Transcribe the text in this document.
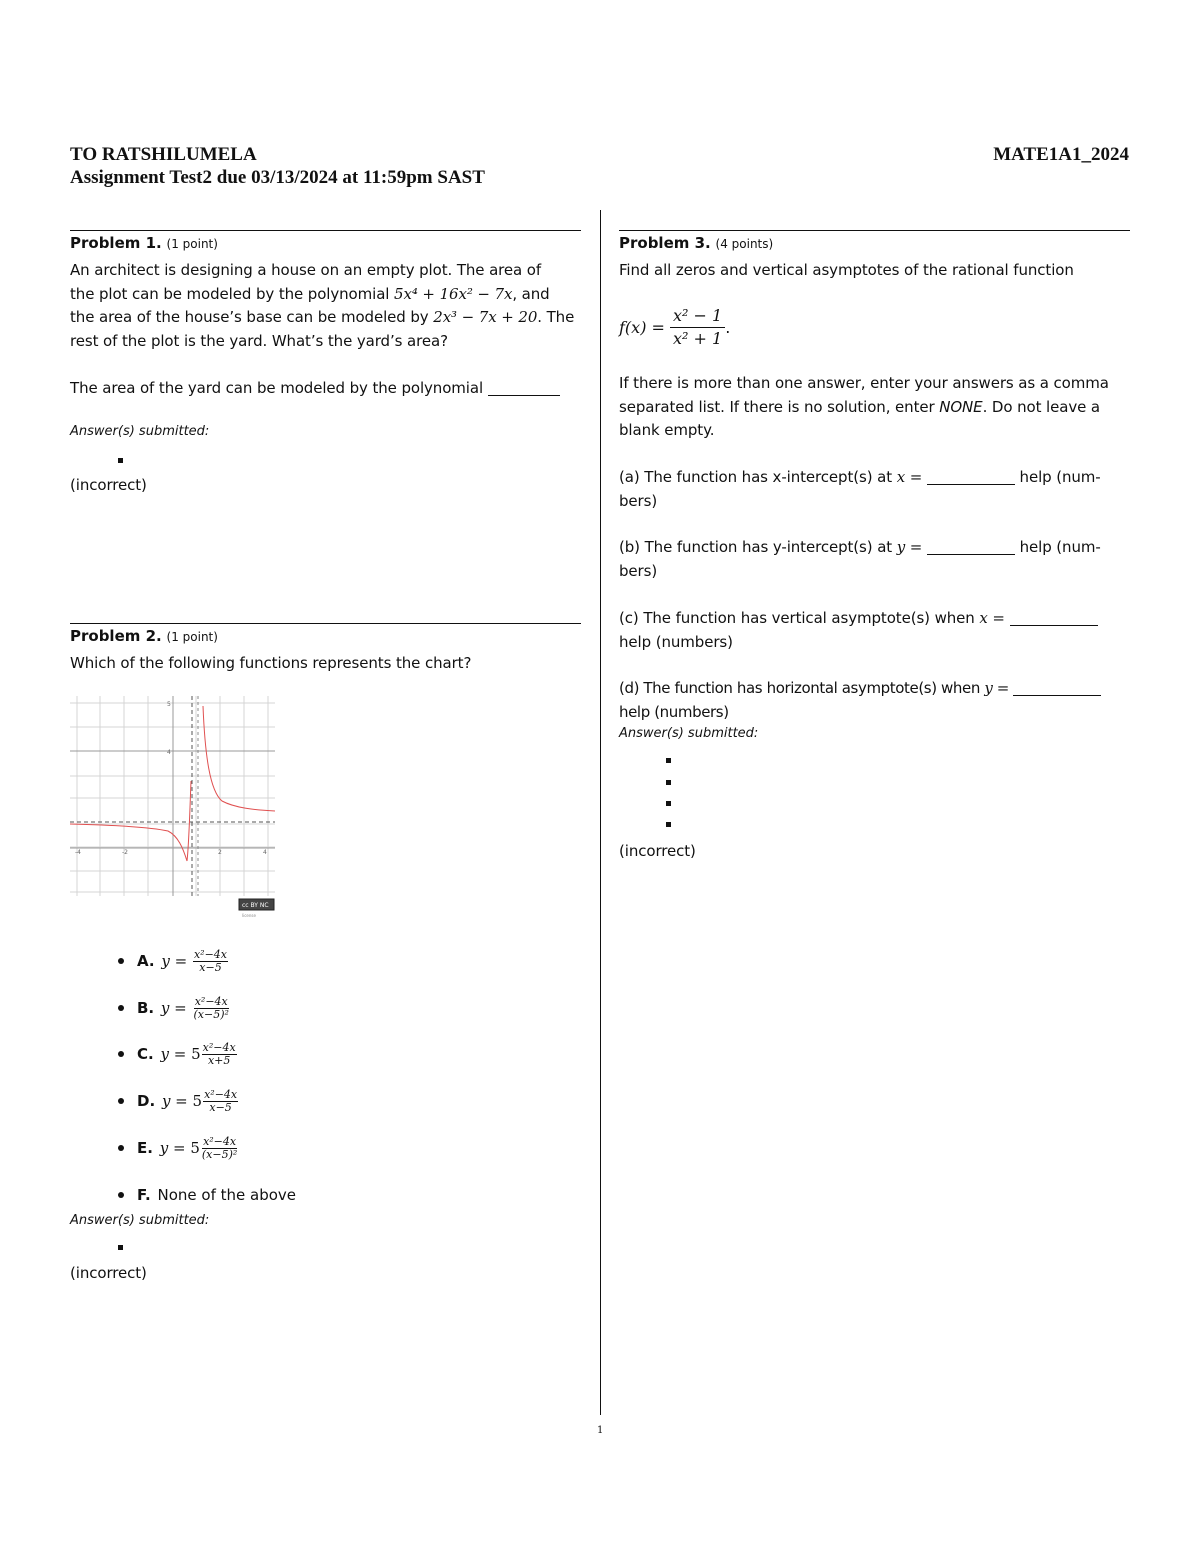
TO RATSHILUMELA	MATE1A1_2024
Assignment Test2 due 03/13/2024 at 11:59pm SAST
Problem 1. (1 point)
An architect is designing a house on an empty plot. The area of
the plot can be modeled by the polynomial 5x⁴ + 16x² − 7x, and
the area of the house’s base can be modeled by 2x³ − 7x + 20. The
rest of the plot is the yard. What’s the yard’s area?
The area of the yard can be modeled by the polynomial
Answer(s) submitted:
(incorrect)
Problem 2. (1 point)
Which of the following functions represents the chart?
5
4
-4	-2	2	4
cc BY NC
license
A.
y =
$\frac{\text{x²−4x}}{x-5}$
B.
y =
$\frac{\text{x²−4x}}{\text{(x−5)²}}$
C.
y =
$5 \frac{\text{x²−4x}}{x+5}$
D.
y =
$5 \frac{\text{x²−4x}}{x-5}$
E.
y =
$5 \frac{\text{x²−4x}}{\text{(x−5)²}}$
F.
None of the above
Answer(s) submitted:
(incorrect)
Problem 3. (4 points)
Find all zeros and vertical asymptotes of the rational function
f(x) =
$\frac{\text{x² − 1}}{\text{x² + 1}}$ .
If there is more than one answer, enter your answers as a comma
separated list. If there is no solution, enter NONE. Do not leave a
blank empty.
(a) The function has x-intercept(s) at x =	help (num-
bers)
(b) The function has y-intercept(s) at y =	help (num-
bers)
(c) The function has vertical asymptote(s) when x =
help (numbers)
(d) The function has horizontal asymptote(s) when y =
help (numbers)
Answer(s) submitted:
(incorrect)
1
